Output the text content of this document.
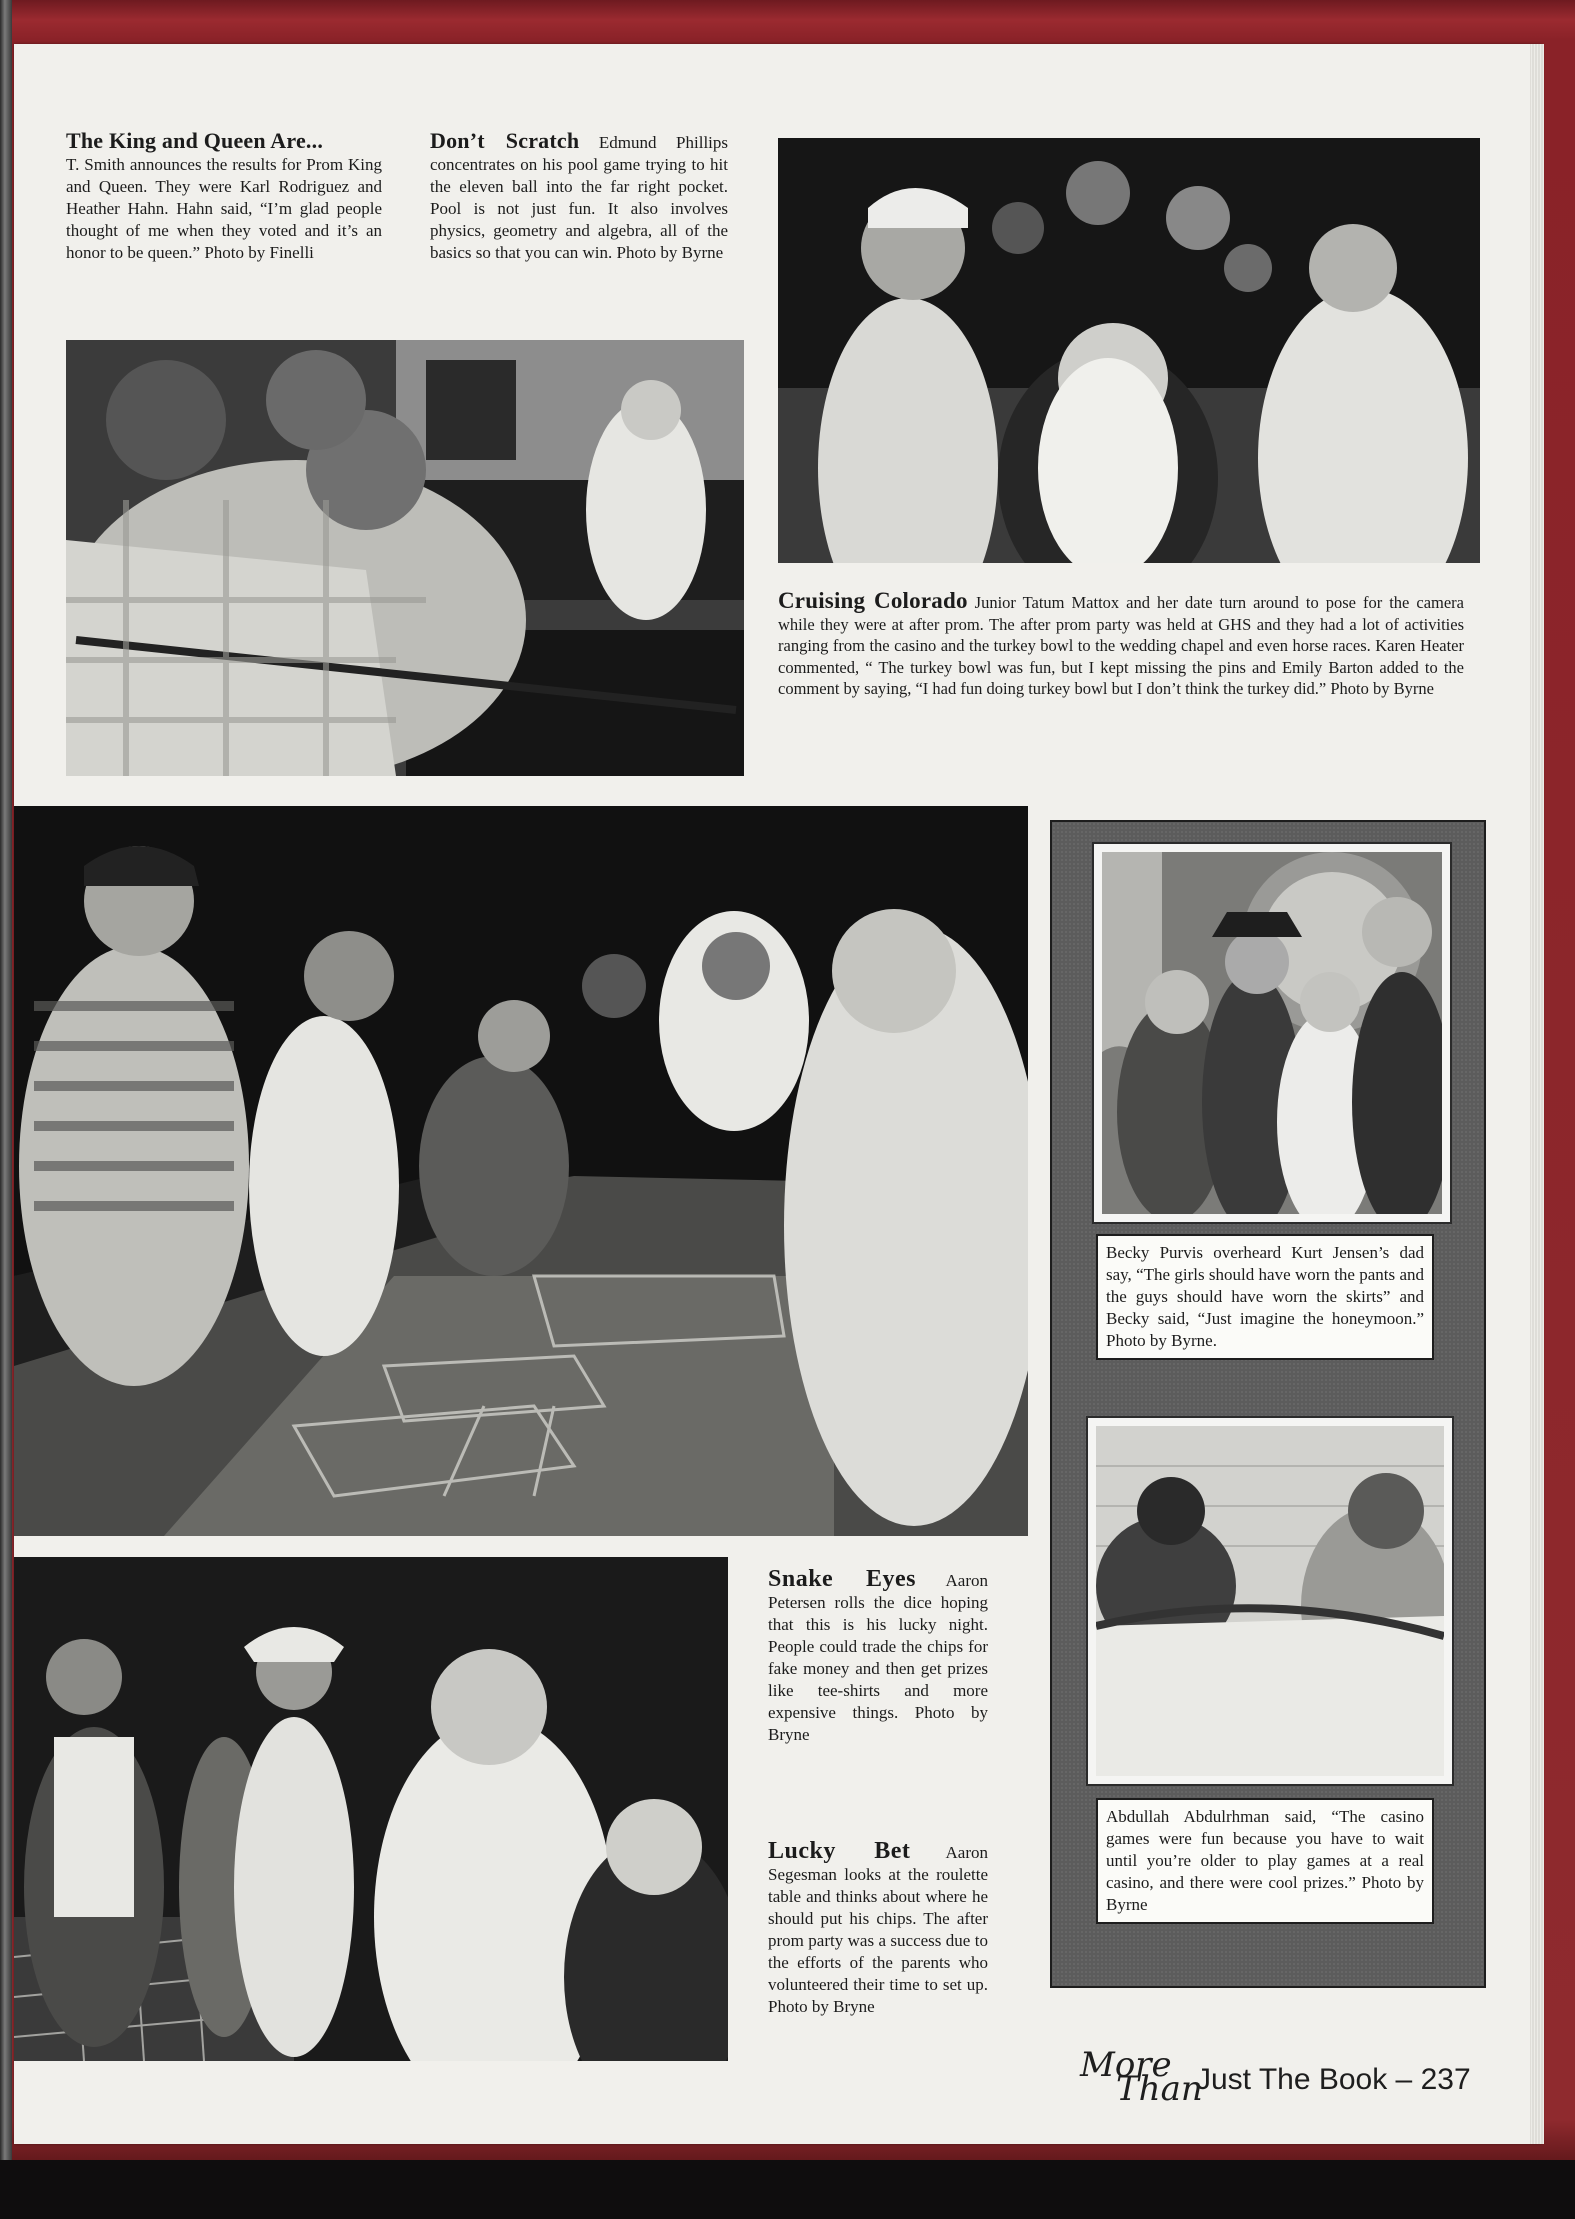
The King and Queen Are...
T. Smith announces the results for Prom King and Queen. They were Karl Rodriguez and Heather Hahn. Hahn said, “I’m glad people thought of me when they voted and it’s an honor to be queen.” Photo by Finelli

Don’t Scratch Edmund Phillips concentrates on his pool game trying to hit the eleven ball into the far right pocket. Pool is not just fun. It also involves physics, geometry and algebra, all of the basics so that you can win. Photo by Byrne

Cruising Colorado Junior Tatum Mattox and her date turn around to pose for the camera while they were at after prom. The after prom party was held at GHS and they had a lot of activities ranging from the casino and the turkey bowl to the wedding chapel and even horse races. Karen Heater commented, “ The turkey bowl was fun, but I kept missing the pins and Emily Barton added to the comment by saying, “I had fun doing turkey bowl but I don’t think the turkey did.” Photo by Byrne

Snake Eyes Aaron Petersen rolls the dice hoping that this is his lucky night. People could trade the chips for fake money and then get prizes like tee-shirts and more expensive things. Photo by Bryne

Lucky Bet Aaron Segesman looks at the roulette table and thinks about where he should put his chips. The after prom party was a success due to the efforts of the parents who volunteered their time to set up. Photo by Bryne

Becky Purvis overheard Kurt Jensen’s dad say, “The girls should have worn the pants and the guys should have worn the skirts” and Becky said, “Just imagine the honeymoon.” Photo by Byrne.
Abdullah Abdulrhman said, “The casino games were fun because you have to wait until you’re older to play games at a real casino, and there were cool prizes.” Photo by Byrne
More
Than
Just The Book – 237
